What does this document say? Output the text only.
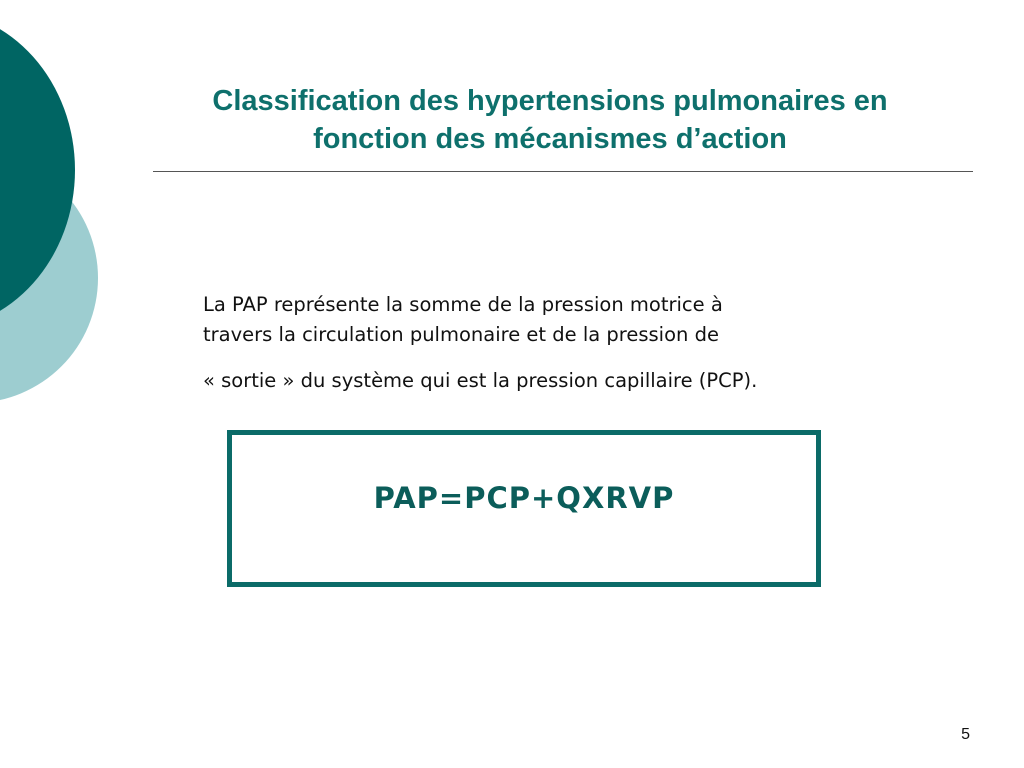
Classification des hypertensions pulmonaires en
fonction des mécanismes d’action
La PAP représente la somme de la pression motrice à
travers la circulation pulmonaire et de la pression de
« sortie » du système qui est la pression capillaire (PCP).
PAP=PCP+QXRVP
5
